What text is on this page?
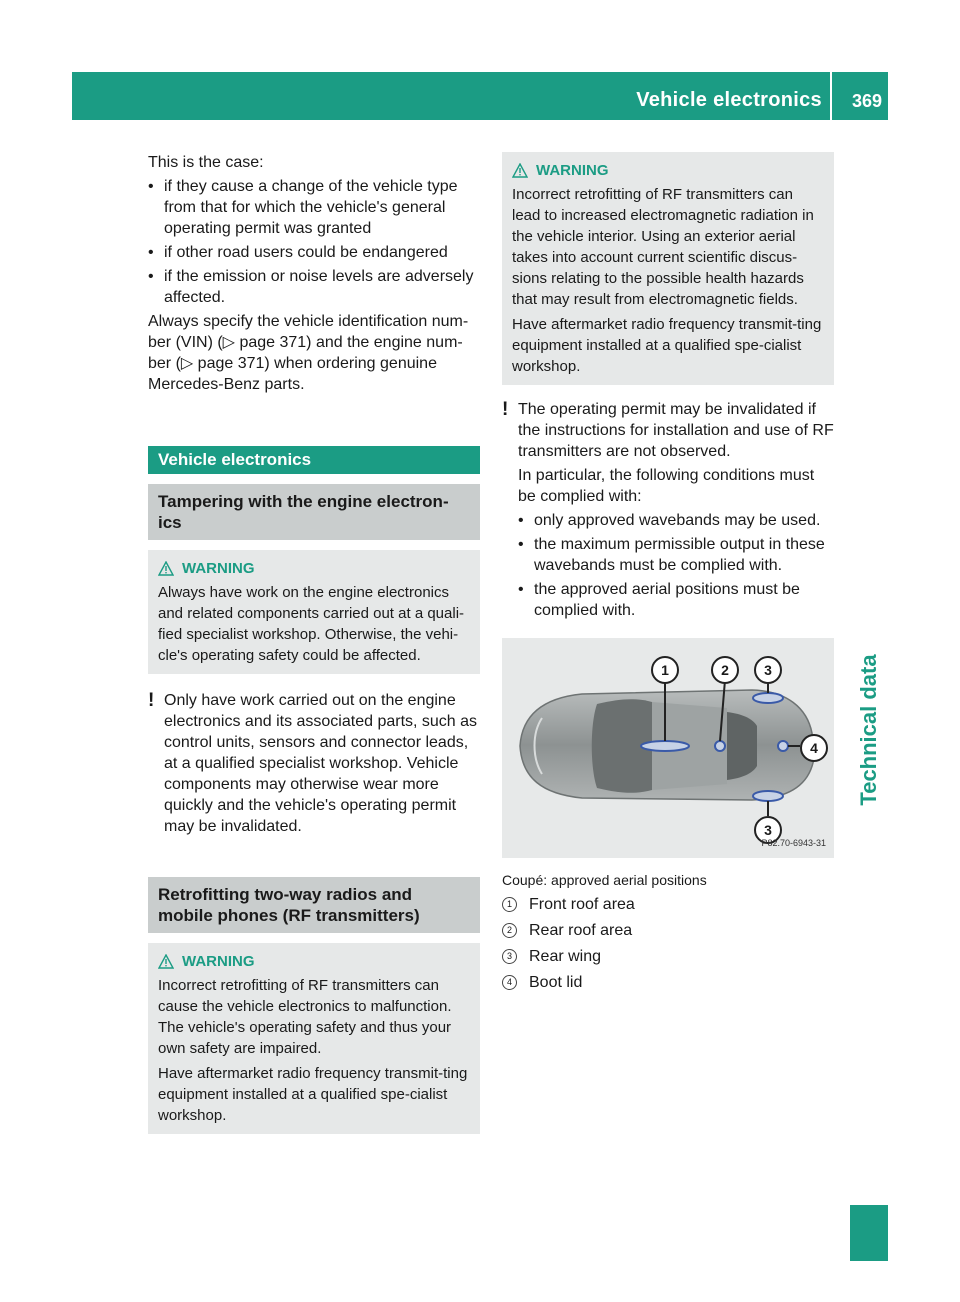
Vehicle electronics 369
Technical data

This is the case:

• if they cause a change of the vehicle type from that for which the vehicle's general operating permit was granted
• if other road users could be endangered
• if the emission or noise levels are adversely affected.

Always specify the vehicle identification num-ber (VIN) (▷ page 371) and the engine num-ber (▷ page 371) when ordering genuine Mercedes-Benz parts.

Vehicle electronics
Tampering with the engine electron-ics
WARNING
Always have work on the engine electronics and related components carried out at a quali-fied specialist workshop. Otherwise, the vehi-cle's operating safety could be affected.
! Only have work carried out on the engine electronics and its associated parts, such as control units, sensors and connector leads, at a qualified specialist workshop. Vehicle components may otherwise wear more quickly and the vehicle's operating permit may be invalidated.
Retrofitting two-way radios and mobile phones (RF transmitters)
WARNING
Incorrect retrofitting of RF transmitters can cause the vehicle electronics to malfunction. The vehicle's operating safety and thus your own safety are impaired.
Have aftermarket radio frequency transmit-ting equipment installed at a qualified spe-cialist workshop.
WARNING
Incorrect retrofitting of RF transmitters can lead to increased electromagnetic radiation in the vehicle interior. Using an exterior aerial takes into account current scientific discus-sions relating to the possible health hazards that may result from electromagnetic fields.
Have aftermarket radio frequency transmit-ting equipment installed at a qualified spe-cialist workshop.
! The operating permit may be invalidated if the instructions for installation and use of RF transmitters are not observed.

In particular, the following conditions must be complied with:

• only approved wavebands may be used.
• the maximum permissible output in these wavebands must be complied with.
• the approved aerial positions must be complied with.
1	2	3
4
3
P82.70-6943-31
Coupé: approved aerial positions
1	Front roof area
2	Rear roof area
3	Rear wing
4	Boot lid
